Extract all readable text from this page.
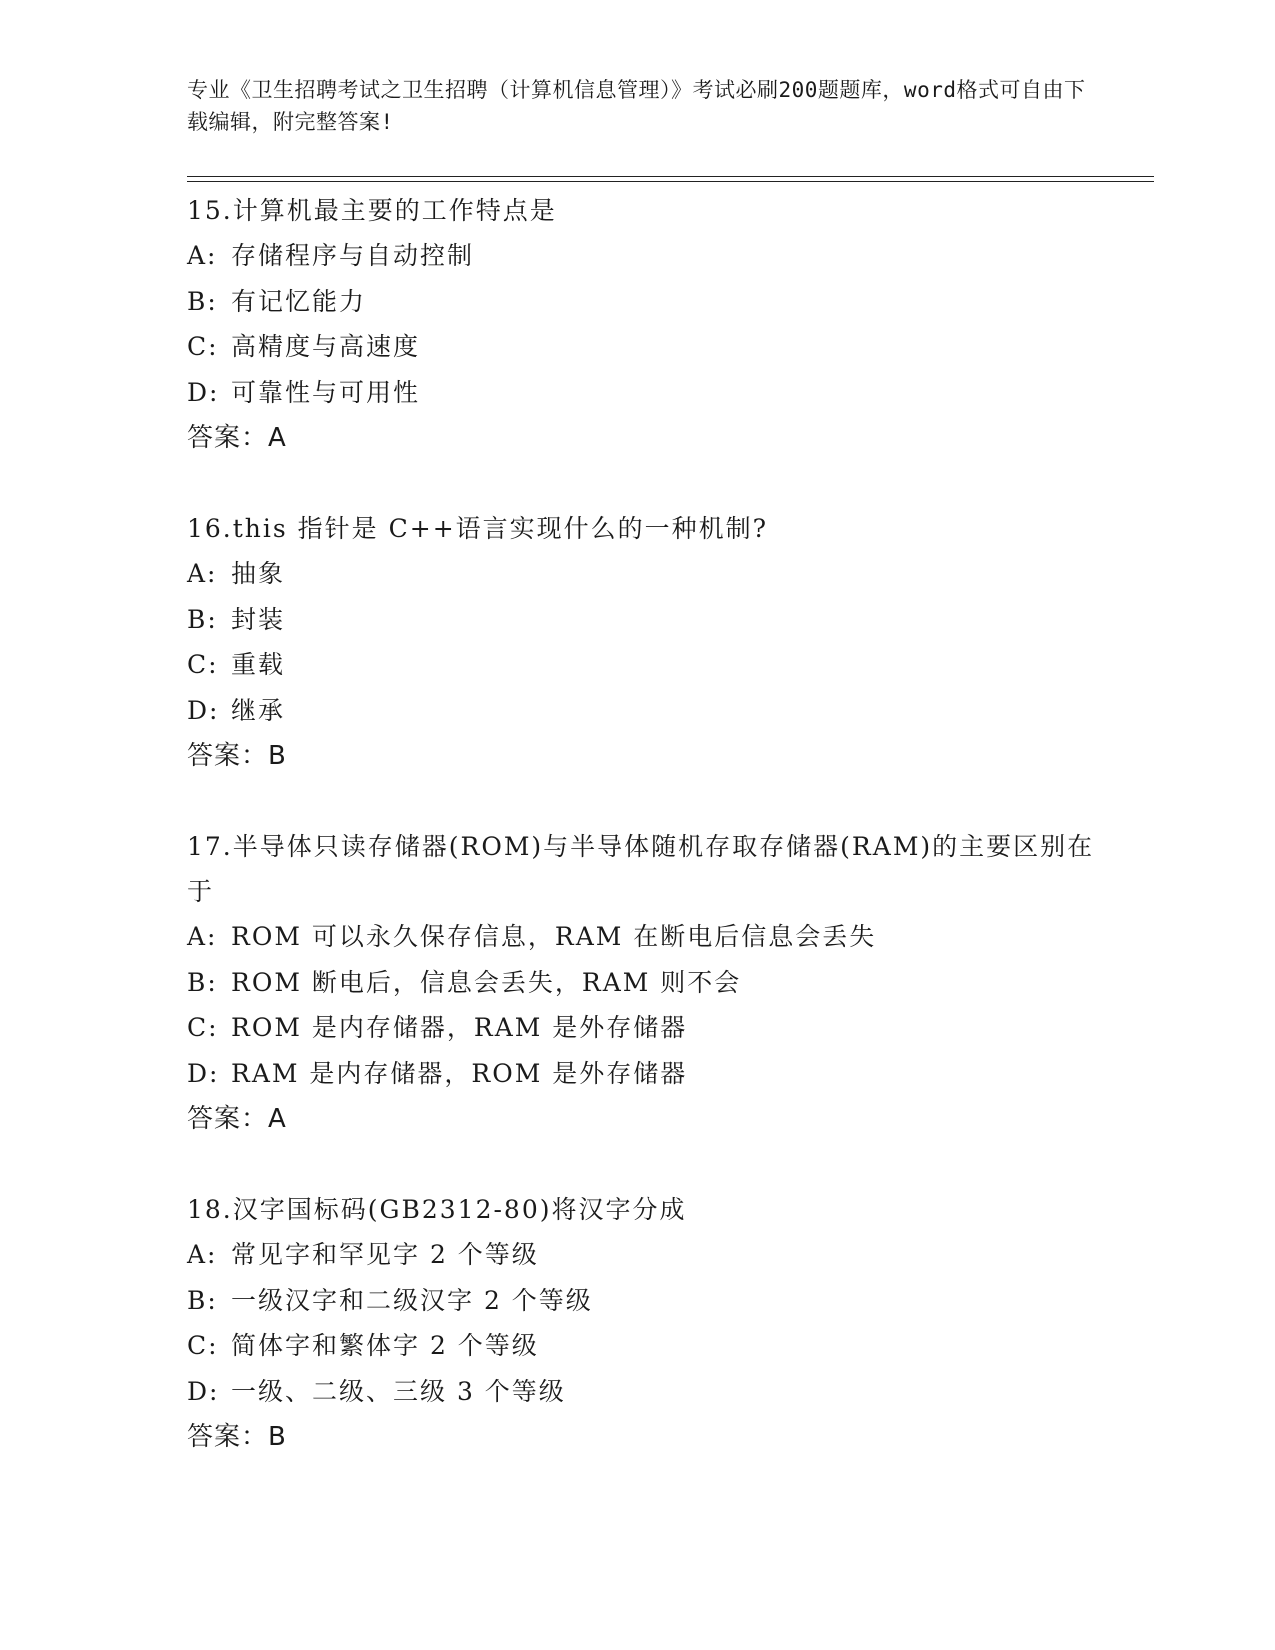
专业《卫生招聘考试之卫生招聘（计算机信息管理）》考试必刷200题题库，word格式可自由下载编辑，附完整答案!
15.计算机最主要的工作特点是
A: 存储程序与自动控制
B: 有记忆能力
C: 高精度与高速度
D: 可靠性与可用性
答案：A
16.this 指针是 C++语言实现什么的一种机制?
A: 抽象
B: 封装
C: 重载
D: 继承
答案：B
17.半导体只读存储器(ROM)与半导体随机存取存储器(RAM)的主要区别在于
A: ROM 可以永久保存信息，RAM 在断电后信息会丢失
B: ROM 断电后，信息会丢失，RAM 则不会
C: ROM 是内存储器，RAM 是外存储器
D: RAM 是内存储器，ROM 是外存储器
答案：A
18.汉字国标码(GB2312-80)将汉字分成
A: 常见字和罕见字 2 个等级
B: 一级汉字和二级汉字 2 个等级
C: 简体字和繁体字 2 个等级
D: 一级、二级、三级 3 个等级
答案：B
